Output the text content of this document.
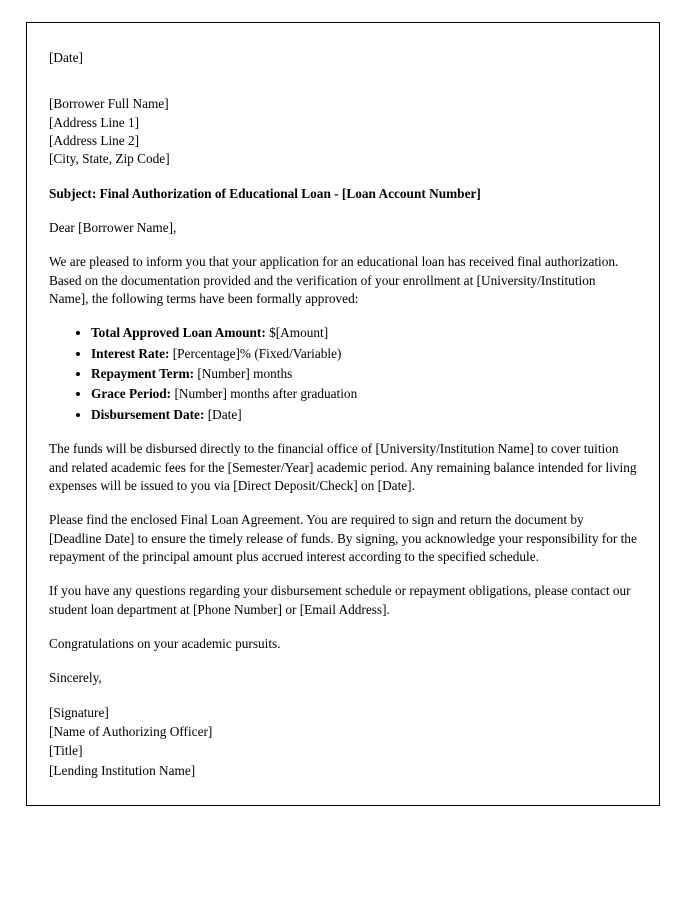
[Date]
[Borrower Full Name]
[Address Line 1]
[Address Line 2]
[City, State, Zip Code]
Subject: Final Authorization of Educational Loan - [Loan Account Number]
Dear [Borrower Name],
We are pleased to inform you that your application for an educational loan has received final authorization. Based on the documentation provided and the verification of your enrollment at [University/Institution Name], the following terms have been formally approved:
• Total Approved Loan Amount: $[Amount]
• Interest Rate: [Percentage]% (Fixed/Variable)
• Repayment Term: [Number] months
• Grace Period: [Number] months after graduation
• Disbursement Date: [Date]
The funds will be disbursed directly to the financial office of [University/Institution Name] to cover tuition and related academic fees for the [Semester/Year] academic period. Any remaining balance intended for living expenses will be issued to you via [Direct Deposit/Check] on [Date].
Please find the enclosed Final Loan Agreement. You are required to sign and return the document by [Deadline Date] to ensure the timely release of funds. By signing, you acknowledge your responsibility for the repayment of the principal amount plus accrued interest according to the specified schedule.
If you have any questions regarding your disbursement schedule or repayment obligations, please contact our student loan department at [Phone Number] or [Email Address].
Congratulations on your academic pursuits.
Sincerely,
[Signature]
[Name of Authorizing Officer]
[Title]
[Lending Institution Name]
